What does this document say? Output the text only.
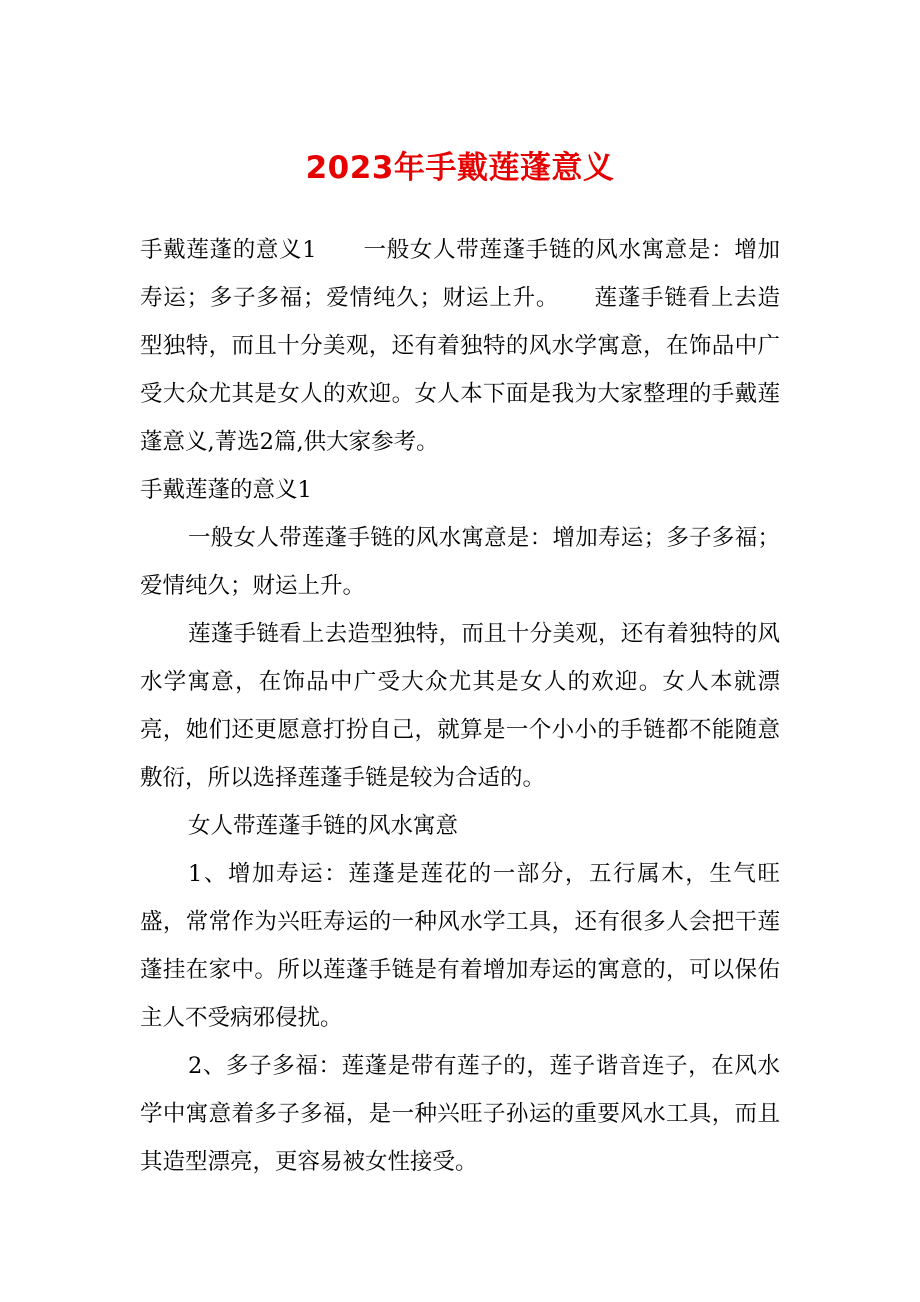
2023年手戴莲蓬意义

手戴莲蓬的意义1　　一般女人带莲蓬手链的风水寓意是：增加寿运；多子多福；爱情纯久；财运上升。　　莲蓬手链看上去造型独特，而且十分美观，还有着独特的风水学寓意，在饰品中广受大众尤其是女人的欢迎。女人本下面是我为大家整理的手戴莲蓬意义,菁选2篇,供大家参考。

手戴莲蓬的意义1

一般女人带莲蓬手链的风水寓意是：增加寿运；多子多福；爱情纯久；财运上升。

莲蓬手链看上去造型独特，而且十分美观，还有着独特的风水学寓意，在饰品中广受大众尤其是女人的欢迎。女人本就漂亮，她们还更愿意打扮自己，就算是一个小小的手链都不能随意敷衍，所以选择莲蓬手链是较为合适的。

女人带莲蓬手链的风水寓意

1、增加寿运：莲蓬是莲花的一部分，五行属木，生气旺盛，常常作为兴旺寿运的一种风水学工具，还有很多人会把干莲蓬挂在家中。所以莲蓬手链是有着增加寿运的寓意的，可以保佑主人不受病邪侵扰。

2、多子多福：莲蓬是带有莲子的，莲子谐音连子，在风水学中寓意着多子多福，是一种兴旺子孙运的重要风水工具，而且其造型漂亮，更容易被女性接受。
